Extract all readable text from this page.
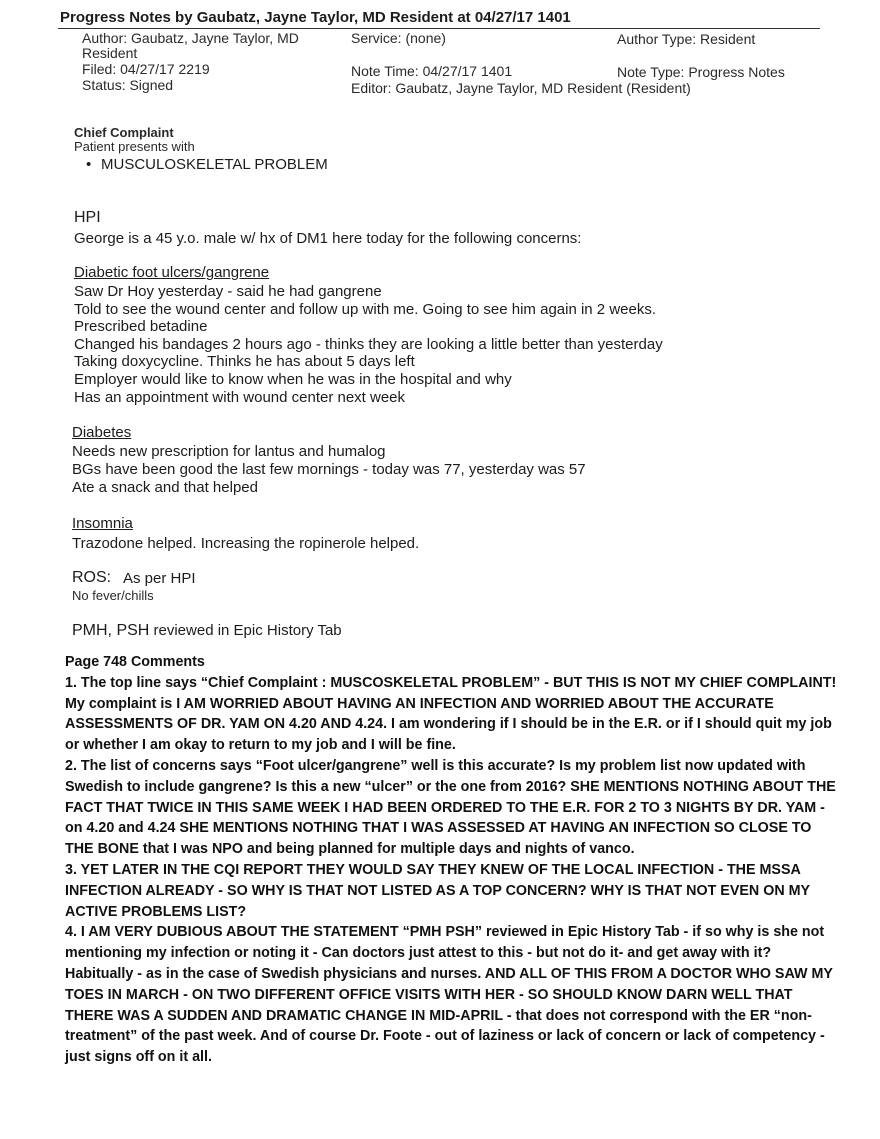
Progress Notes by Gaubatz, Jayne Taylor, MD Resident at 04/27/17 1401
Author: Gaubatz, Jayne Taylor, MD
Resident
Service: (none)	Author Type: Resident
Filed: 04/27/17 2219	Note Time: 04/27/17 1401	Note Type: Progress Notes
Status: Signed	Editor: Gaubatz, Jayne Taylor, MD Resident (Resident)
Chief Complaint
Patient presents with
• MUSCULOSKELETAL PROBLEM
HPI
George is a 45 y.o. male w/ hx of DM1 here today for the following concerns:
Diabetic foot ulcers/gangrene
Saw Dr Hoy yesterday - said he had gangrene
Told to see the wound center and follow up with me. Going to see him again in 2 weeks.
Prescribed betadine
Changed his bandages 2 hours ago - thinks they are looking a little better than yesterday
Taking doxycycline. Thinks he has about 5 days left
Employer would like to know when he was in the hospital and why
Has an appointment with wound center next week
Diabetes
Needs new prescription for lantus and humalog
BGs have been good the last few mornings - today was 77, yesterday was 57
Ate a snack and that helped
Insomnia
Trazodone helped. Increasing the ropinerole helped.
ROS: As per HPI
No fever/chills
PMH, PSH reviewed in Epic History Tab

Page 748 Comments

1. The top line says “Chief Complaint : MUSCOSKELETAL PROBLEM” - BUT THIS IS NOT MY CHIEF COMPLAINT! My complaint is I AM WORRIED ABOUT HAVING AN INFECTION AND WORRIED ABOUT THE ACCURATE ASSESSMENTS OF DR. YAM ON 4.20 AND 4.24. I am wondering if I should be in the E.R. or if I should quit my job or whether I am okay to return to my job and I will be fine.

2. The list of concerns says “Foot ulcer/gangrene” well is this accurate? Is my problem list now updated with Swedish to include gangrene? Is this a new “ulcer” or the one from 2016? SHE MENTIONS NOTHING ABOUT THE FACT THAT TWICE IN THIS SAME WEEK I HAD BEEN ORDERED TO THE E.R. FOR 2 TO 3 NIGHTS BY DR. YAM - on 4.20 and 4.24 SHE MENTIONS NOTHING THAT I WAS ASSESSED AT HAVING AN INFECTION SO CLOSE TO THE BONE that I was NPO and being planned for multiple days and nights of vanco.

3. YET LATER IN THE CQI REPORT THEY WOULD SAY THEY KNEW OF THE LOCAL INFECTION - THE MSSA INFECTION ALREADY - SO WHY IS THAT NOT LISTED AS A TOP CONCERN? WHY IS THAT NOT EVEN ON MY ACTIVE PROBLEMS LIST?

4. I AM VERY DUBIOUS ABOUT THE STATEMENT “PMH PSH” reviewed in Epic History Tab - if so why is she not mentioning my infection or noting it - Can doctors just attest to this - but not do it- and get away with it? Habitually - as in the case of Swedish physicians and nurses. AND ALL OF THIS FROM A DOCTOR WHO SAW MY TOES IN MARCH - ON TWO DIFFERENT OFFICE VISITS WITH HER - SO SHOULD KNOW DARN WELL THAT THERE WAS A SUDDEN AND DRAMATIC CHANGE IN MID-APRIL - that does not correspond with the ER “non-treatment” of the past week. And of course Dr. Foote - out of laziness or lack of concern or lack of competency - just signs off on it all.
